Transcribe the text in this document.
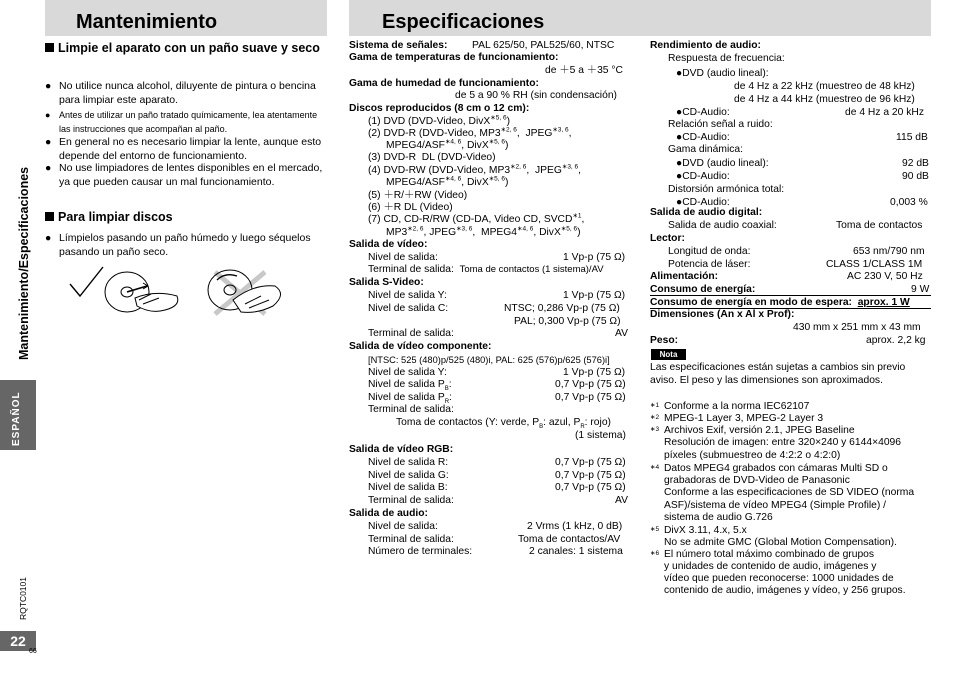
Mantenimiento	Especificaciones
Mantenimiento/Especificaciones
ESPAÑOL
RQTC0101
22
66
Limpie el aparato con un paño suave y seco
● No utilice nunca alcohol, diluyente de pintura o bencina para limpiar este aparato.
● Antes de utilizar un paño tratado químicamente, lea atentamente las instrucciones que acompañan al paño.
● En general no es necesario limpiar la lente, aunque esto depende del entorno de funcionamiento.
● No use limpiadores de lentes disponibles en el mercado, ya que pueden causar un mal funcionamiento.
Para limpiar discos
● Límpielos pasando un paño húmedo y luego séquelos pasando un paño seco.
Sistema de señales: PAL 625/50, PAL525/60, NTSC
Gama de temperaturas de funcionamiento:
de ＋5 a ＋35 °C
Gama de humedad de funcionamiento:
de 5 a 90 % RH (sin condensación)
Discos reproducidos (8 cm o 12 cm):
(1) DVD (DVD-Video, DivX$^{∗5, 6}$)
(2) DVD-R (DVD-Video, $MP3^{∗2, 6}$,  $JPEG^{∗3, 6}$,
$MPEG4/ASF^{∗4, 6}$, DivX$^{∗5, 6}$)
(3) DVD-R  DL (DVD-Video)
(4) DVD-RW (DVD-Video, $MP3^{∗2, 6}$,  $JPEG^{∗3, 6}$,
$MPEG4/ASF^{∗4, 6}$, DivX$^{∗5, 6}$)
(5) ＋R/＋RW (Video)
(6) ＋R DL (Video)
(7) CD, CD-R/RW (CD-DA, Video CD, $SVCD^{∗1}$,
$MP3^{∗2, 6}$, $JPEG^{∗3, 6}$,  $MPEG4^{∗4, 6}$, DivX$^{∗5, 6}$)
Salida de vídeo:
Nivel de salida:	1 Vp-p (75 Ω)
Terminal de salida:  Toma de contactos (1 sistema)/AV
Salida S-Video:
Nivel de salida Y:	1 Vp-p (75 Ω)
Nivel de salida C:	NTSC; 0,286 Vp-p (75 Ω)
PAL; 0,300 Vp-p (75 Ω)
Terminal de salida:	AV
Salida de vídeo componente:
[NTSC: 525 (480)p/525 (480)i, PAL: 625 (576)p/625 (576)i]
Nivel de salida Y:	1 Vp-p (75 Ω)
Nivel de salida $P_B$:	0,7 Vp-p (75 Ω)
Nivel de salida $P_R$:	0,7 Vp-p (75 Ω)
Terminal de salida:
Toma de contactos (Y: verde, $P_B$: azul, $P_R$: rojo)
(1 sistema)
Salida de vídeo RGB:
Nivel de salida R:	0,7 Vp-p (75 Ω)
Nivel de salida G:	0,7 Vp-p (75 Ω)
Nivel de salida B:	0,7 Vp-p (75 Ω)
Terminal de salida:	AV
Salida de audio:
Nivel de salida:	2 Vrms (1 kHz, 0 dB)
Terminal de salida:	Toma de contactos/AV
Número de terminales:	2 canales: 1 sistema
Rendimiento de audio:
Respuesta de frecuencia:
●DVD (audio lineal):
de 4 Hz a 22 kHz (muestreo de 48 kHz)
de 4 Hz a 44 kHz (muestreo de 96 kHz)
●CD-Audio:	de 4 Hz a 20 kHz
Relación señal a ruido:
●CD-Audio:	115 dB
Gama dinámica:
●DVD (audio lineal):	92 dB
●CD-Audio:	90 dB
Distorsión armónica total:
●CD-Audio:	0,003 %
Salida de audio digital:
Salida de audio coaxial:	Toma de contactos
Lector:
Longitud de onda:	653 nm/790 nm
Potencia de láser:	CLASS 1/CLASS 1M
Alimentación:	AC 230 V, 50 Hz
Consumo de energía:	9 W
Consumo de energía en modo de espera:  aprox. 1 W
Dimensiones (An x Al x Prof):
430 mm x 251 mm x 43 mm
Peso:	aprox. 2,2 kg
Nota
Las especificaciones están sujetas a cambios sin previo aviso. El peso y las dimensiones son aproximados.
∗1 Conforme a la norma IEC62107
∗2 MPEG-1 Layer 3, MPEG-2 Layer 3
∗3 Archivos Exif, versión 2.1, JPEG Baseline
Resolución de imagen: entre 320×240 y 6144×4096
píxeles (submuestreo de 4:2:2 o 4:2:0)
∗4 Datos MPEG4 grabados con cámaras Multi SD o
grabadoras de DVD-Video de Panasonic
Conforme a las especificaciones de SD VIDEO (norma
ASF)/sistema de vídeo MPEG4 (Simple Profile) /
sistema de audio G.726
∗5 DivX 3.11, 4.x, 5.x
No se admite GMC (Global Motion Compensation).
∗6 El número total máximo combinado de grupos
y unidades de contenido de audio, imágenes y
vídeo que pueden reconocerse: 1000 unidades de
contenido de audio, imágenes y vídeo, y 256 grupos.
